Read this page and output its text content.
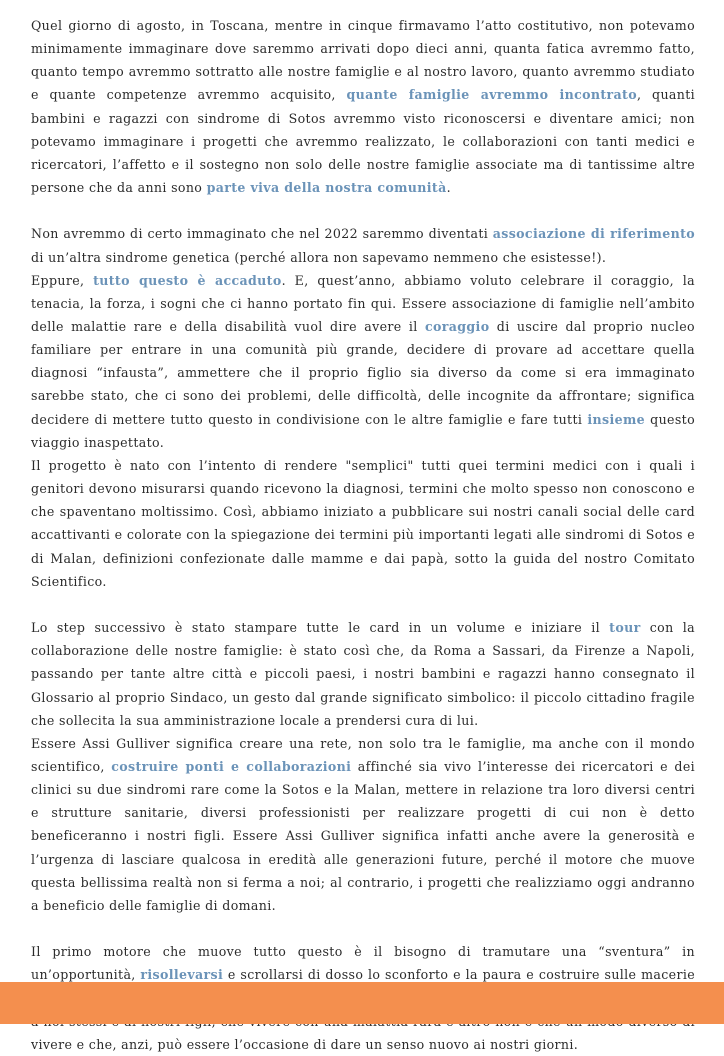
Quel giorno di agosto, in Toscana, mentre in cinque firmavamo l’atto costitutivo, non potevamo minimamente immaginare dove saremmo arrivati dopo dieci anni, quanta fatica avremmo fatto, quanto tempo avremmo sottratto alle nostre famiglie e al nostro lavoro, quanto avremmo studiato e quante competenze avremmo acquisito, quante famiglie avremmo incontrato, quanti bambini e ragazzi con sindrome di Sotos avremmo visto riconoscersi e diventare amici; non potevamo immaginare i progetti che avremmo realizzato, le collaborazioni con tanti medici e ricercatori, l’affetto e il sostegno non solo delle nostre famiglie associate ma di tantissime altre persone che da anni sono parte viva della nostra comunità.

Non avremmo di certo immaginato che nel 2022 saremmo diventati associazione di riferimento di un’altra sindrome genetica (perché allora non sapevamo nemmeno che esistesse!).

Eppure, tutto questo è accaduto. E, quest’anno, abbiamo voluto celebrare il coraggio, la tenacia, la forza, i sogni che ci hanno portato fin qui. Essere associazione di famiglie nell’ambito delle malattie rare e della disabilità vuol dire avere il coraggio di uscire dal proprio nucleo familiare per entrare in una comunità più grande, decidere di provare ad accettare quella diagnosi “infausta”, ammettere che il proprio figlio sia diverso da come si era immaginato sarebbe stato, che ci sono dei problemi, delle difficoltà, delle incognite da affrontare; significa decidere di mettere tutto questo in condivisione con le altre famiglie e fare tutti insieme questo viaggio inaspettato.

Il progetto è nato con l’intento di rendere "semplici" tutti quei termini medici con i quali i genitori devono misurarsi quando ricevono la diagnosi, termini che molto spesso non conoscono e che spaventano moltissimo. Così, abbiamo iniziato a pubblicare sui nostri canali social delle card accattivanti e colorate con la spiegazione dei termini più importanti legati alle sindromi di Sotos e di Malan, definizioni confezionate dalle mamme e dai papà, sotto la guida del nostro Comitato Scientifico.

Lo step successivo è stato stampare tutte le card in un volume e iniziare il tour con la collaborazione delle nostre famiglie: è stato così che, da Roma a Sassari, da Firenze a Napoli, passando per tante altre città e piccoli paesi, i nostri bambini e ragazzi hanno consegnato il Glossario al proprio Sindaco, un gesto dal grande significato simbolico: il piccolo cittadino fragile che sollecita la sua amministrazione locale a prendersi cura di lui.

Essere Assi Gulliver significa creare una rete, non solo tra le famiglie, ma anche con il mondo scientifico, costruire ponti e collaborazioni affinché sia vivo l’interesse dei ricercatori e dei clinici su due sindromi rare come la Sotos e la Malan, mettere in relazione tra loro diversi centri e strutture sanitarie, diversi professionisti per realizzare progetti di cui non è detto beneficeranno i nostri figli. Essere Assi Gulliver significa infatti anche avere la generosità e l’urgenza di lasciare qualcosa in eredità alle generazioni future, perché il motore che muove questa bellissima realtà non si ferma a noi; al contrario, i progetti che realizziamo oggi andranno a beneficio delle famiglie di domani.

Il primo motore che muove tutto questo è il bisogno di tramutare una “sventura” in un’opportunità, risollevarsi e scrollarsi di dosso lo sconforto e la paura e costruire sulle macerie vivere e che, anzi, può essere l’occasione di dare un senso nuovo ai nostri giorni.
